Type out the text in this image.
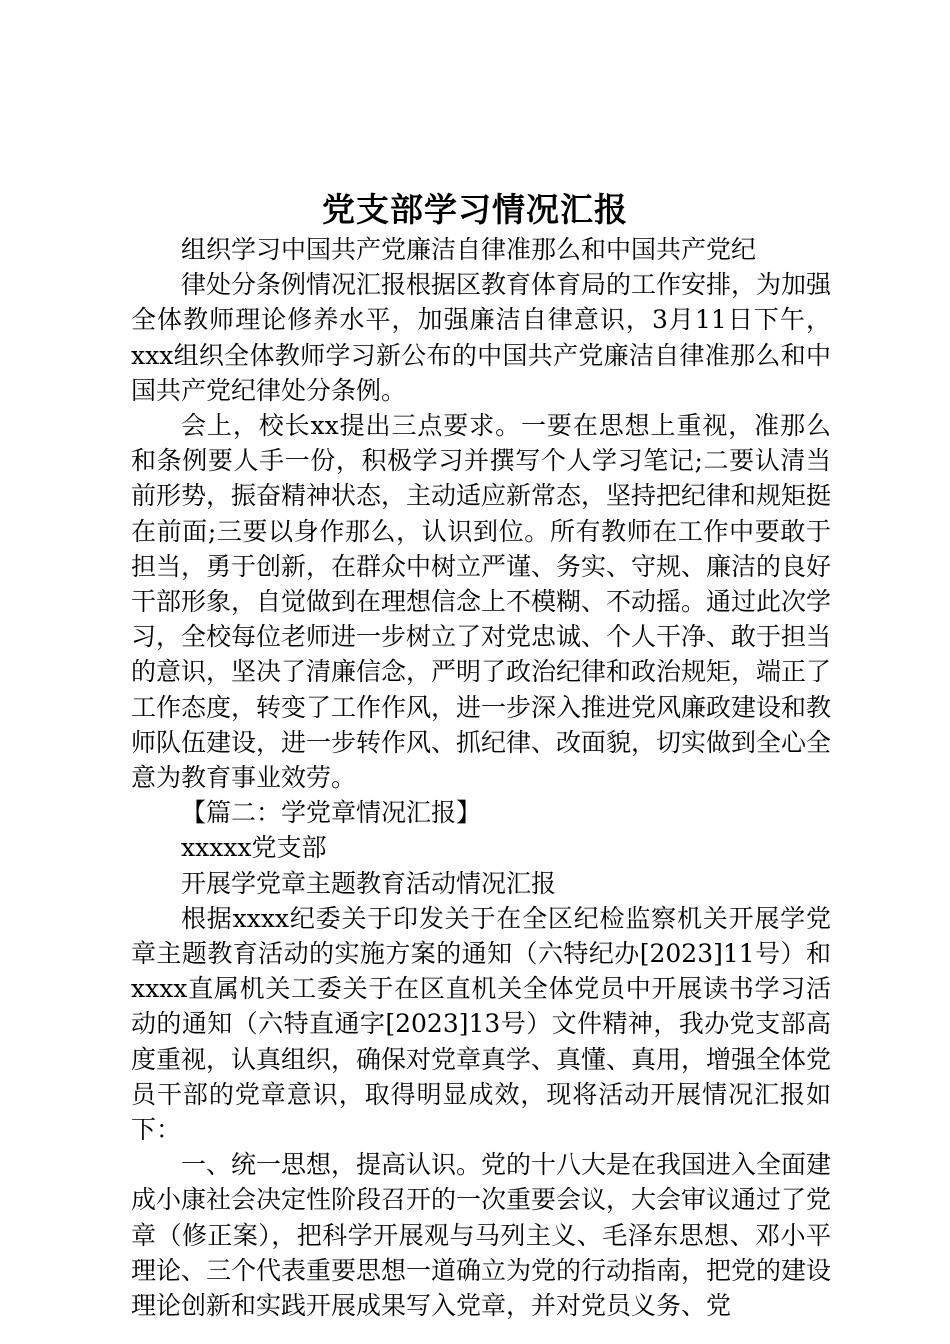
党支部学习情况汇报

组织学习中国共产党廉洁自律准那么和中国共产党纪

律处分条例情况汇报根据区教育体育局的工作安排，为加强全体教师理论修养水平，加强廉洁自律意识，3月11日下午，xxx组织全体教师学习新公布的中国共产党廉洁自律准那么和中国共产党纪律处分条例。

会上，校长xx提出三点要求。一要在思想上重视，准那么和条例要人手一份，积极学习并撰写个人学习笔记;二要认清当前形势，振奋精神状态，主动适应新常态，坚持把纪律和规矩挺在前面;三要以身作那么，认识到位。所有教师在工作中要敢于担当，勇于创新，在群众中树立严谨、务实、守规、廉洁的良好干部形象，自觉做到在理想信念上不模糊、不动摇。通过此次学习，全校每位老师进一步树立了对党忠诚、个人干净、敢于担当的意识，坚决了清廉信念，严明了政治纪律和政治规矩，端正了工作态度，转变了工作作风，进一步深入推进党风廉政建设和教师队伍建设，进一步转作风、抓纪律、改面貌，切实做到全心全意为教育事业效劳。

【篇二：学党章情况汇报】

xxxxx党支部

开展学党章主题教育活动情况汇报

根据xxxx纪委关于印发关于在全区纪检监察机关开展学党章主题教育活动的实施方案的通知（六特纪办[2023]11号）和xxxx直属机关工委关于在区直机关全体党员中开展读书学习活动的通知（六特直通字[2023]13号）文件精神，我办党支部高度重视，认真组织，确保对党章真学、真懂、真用，增强全体党员干部的党章意识，取得明显成效，现将活动开展情况汇报如下：

一、统一思想，提高认识。党的十八大是在我国进入全面建成小康社会决定性阶段召开的一次重要会议，大会审议通过了党章（修正案），把科学开展观与马列主义、毛泽东思想、邓小平理论、三个代表重要思想一道确立为党的行动指南，把党的建设理论创新和实践开展成果写入党章，并对党员义务、党
